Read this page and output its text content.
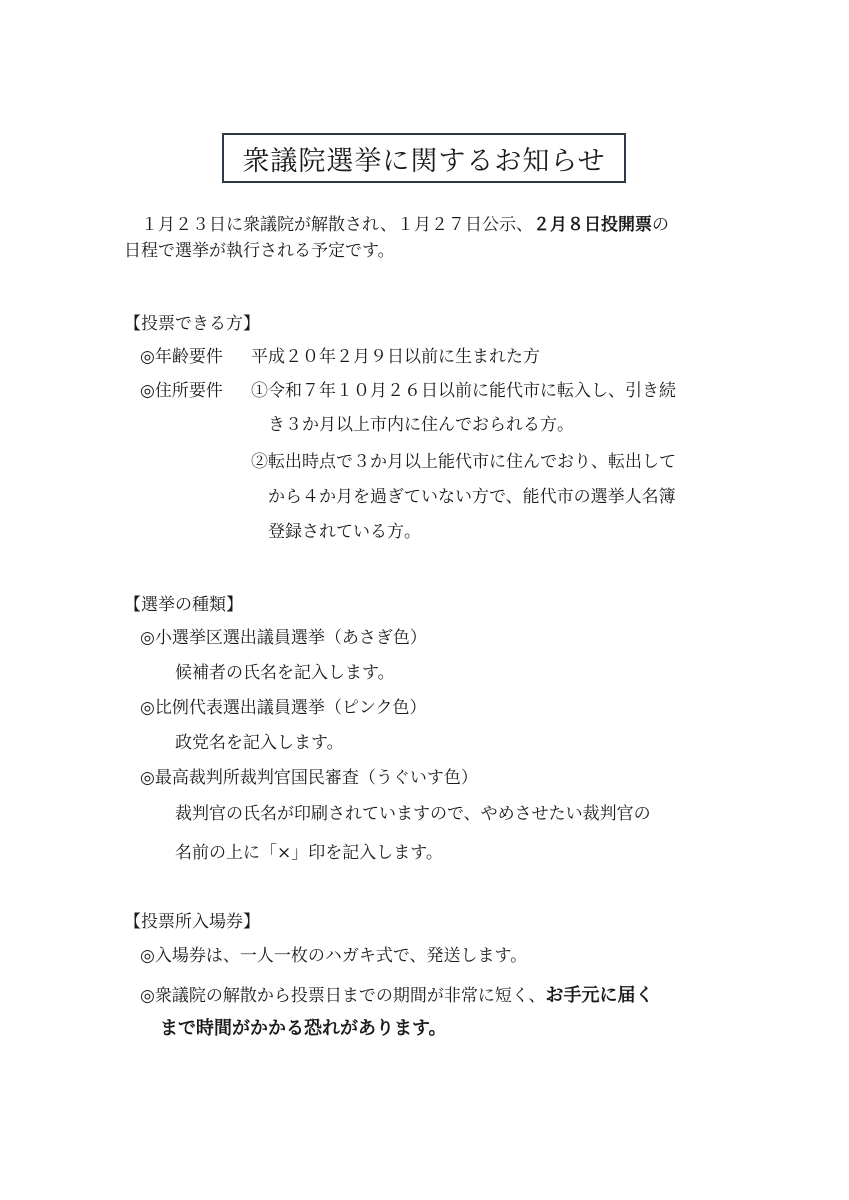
衆議院選挙に関するお知らせ
　１月２３日に衆議院が解散され、１月２７日公示、２月８日投開票の
日程で選挙が執行される予定です。
【投票できる方】
◎年齢要件 平成２０年２月９日以前に生まれた方
◎住所要件 ①令和７年１０月２６日以前に能代市に転入し、引き続
き３か月以上市内に住んでおられる方。
②転出時点で３か月以上能代市に住んでおり、転出して
から４か月を過ぎていない方で、能代市の選挙人名簿
登録されている方。
【選挙の種類】
◎小選挙区選出議員選挙（あさぎ色）
候補者の氏名を記入します。
◎比例代表選出議員選挙（ピンク色）
政党名を記入します。
◎最高裁判所裁判官国民審査（うぐいす色）
裁判官の氏名が印刷されていますので、やめさせたい裁判官の
名前の上に「×」印を記入します。
【投票所入場券】
◎入場券は、一人一枚のハガキ式で、発送します。
◎衆議院の解散から投票日までの期間が非常に短く、お手元に届く
まで時間がかかる恐れがあります。
